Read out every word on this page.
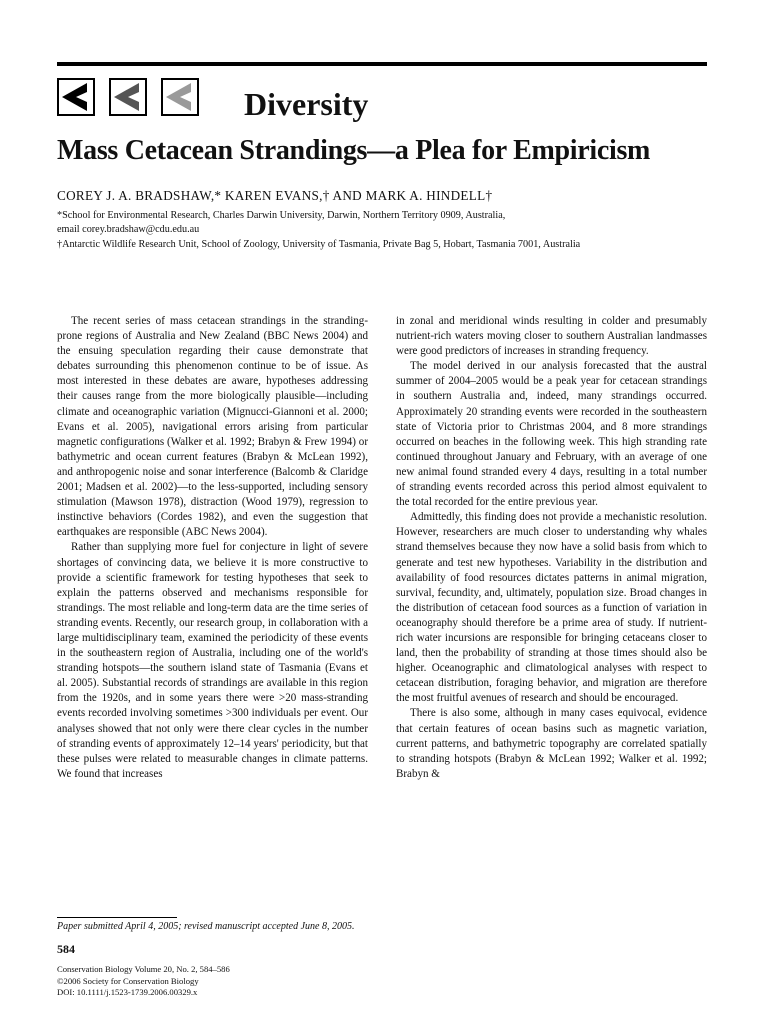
Diversity
Mass Cetacean Strandings—a Plea for Empiricism
COREY J. A. BRADSHAW,* KAREN EVANS,† AND MARK A. HINDELL†
*School for Environmental Research, Charles Darwin University, Darwin, Northern Territory 0909, Australia,
email corey.bradshaw@cdu.edu.au
†Antarctic Wildlife Research Unit, School of Zoology, University of Tasmania, Private Bag 5, Hobart, Tasmania 7001, Australia

The recent series of mass cetacean strandings in the stranding-prone regions of Australia and New Zealand (BBC News 2004) and the ensuing speculation regarding their cause demonstrate that debates surrounding this phenomenon continue to be of issue. As most interested in these debates are aware, hypotheses addressing their causes range from the more biologically plausible—including climate and oceanographic variation (Mignucci-Giannoni et al. 2000; Evans et al. 2005), navigational errors arising from particular magnetic configurations (Walker et al. 1992; Brabyn & Frew 1994) or bathymetric and ocean current features (Brabyn & McLean 1992), and anthropogenic noise and sonar interference (Balcomb & Claridge 2001; Madsen et al. 2002)—to the less-supported, including sensory stimulation (Mawson 1978), distraction (Wood 1979), regression to instinctive behaviors (Cordes 1982), and even the suggestion that earthquakes are responsible (ABC News 2004).

Rather than supplying more fuel for conjecture in light of severe shortages of convincing data, we believe it is more constructive to provide a scientific framework for testing hypotheses that seek to explain the patterns observed and mechanisms responsible for strandings. The most reliable and long-term data are the time series of stranding events. Recently, our research group, in collaboration with a large multidisciplinary team, examined the periodicity of these events in the southeastern region of Australia, including one of the world's stranding hotspots—the southern island state of Tasmania (Evans et al. 2005). Substantial records of strandings are available in this region from the 1920s, and in some years there were >20 mass-stranding events recorded involving sometimes >300 individuals per event. Our analyses showed that not only were there clear cycles in the number of stranding events of approximately 12–14 years' periodicity, but that these pulses were related to measurable changes in climate patterns. We found that increases

in zonal and meridional winds resulting in colder and presumably nutrient-rich waters moving closer to southern Australian landmasses were good predictors of increases in stranding frequency.

The model derived in our analysis forecasted that the austral summer of 2004–2005 would be a peak year for cetacean strandings in southern Australia and, indeed, many strandings occurred. Approximately 20 stranding events were recorded in the southeastern state of Victoria prior to Christmas 2004, and 8 more strandings occurred on beaches in the following week. This high stranding rate continued throughout January and February, with an average of one new animal found stranded every 4 days, resulting in a total number of stranding events recorded across this period almost equivalent to the total recorded for the entire previous year.

Admittedly, this finding does not provide a mechanistic resolution. However, researchers are much closer to understanding why whales strand themselves because they now have a solid basis from which to generate and test new hypotheses. Variability in the distribution and availability of food resources dictates patterns in animal migration, survival, fecundity, and, ultimately, population size. Broad changes in the distribution of cetacean food sources as a function of variation in oceanography should therefore be a prime area of study. If nutrient-rich water incursions are responsible for bringing cetaceans closer to land, then the probability of stranding at those times should also be higher. Oceanographic and climatological analyses with respect to cetacean distribution, foraging behavior, and migration are therefore the most fruitful avenues of research and should be encouraged.

There is also some, although in many cases equivocal, evidence that certain features of ocean basins such as magnetic variation, current patterns, and bathymetric topography are correlated spatially to stranding hotspots (Brabyn & McLean 1992; Walker et al. 1992; Brabyn &

Paper submitted April 4, 2005; revised manuscript accepted June 8, 2005.
584
Conservation Biology Volume 20, No. 2, 584–586
©2006 Society for Conservation Biology
DOI: 10.1111/j.1523-1739.2006.00329.x
